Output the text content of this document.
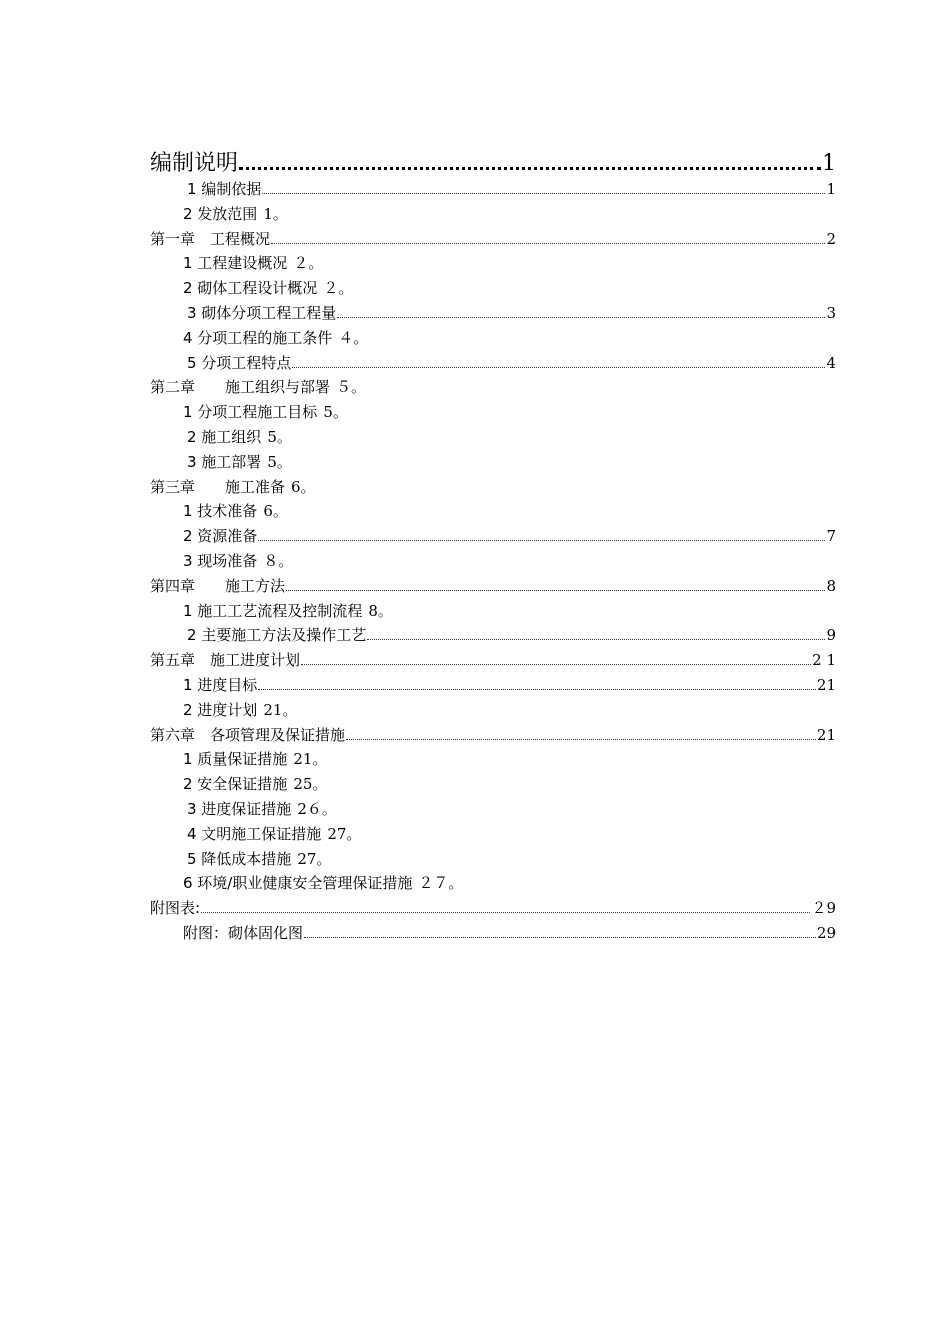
编制说明	1
1 编制依据	1
2 发放范围 1。
第一章　工程概况	2
1 工程建设概况 ２。
2 砌体工程设计概况 ２。
3 砌体分项工程工程量	3
4 分项工程的施工条件 ４。
5 分项工程特点	4
第二章　　施工组织与部署 ５。
1 分项工程施工目标 5。
2 施工组织 5。
3 施工部署 5。
第三章　　施工准备 6。
1 技术准备 6。
2 资源准备	7
3 现场准备 ８。
第四章　　施工方法	8
1 施工工艺流程及控制流程 8。
2 主要施工方法及操作工艺	9
第五章　施工进度计划	2 1
1 进度目标	21
2 进度计划 21。
第六章　各项管理及保证措施	21
1 质量保证措施 21。
2 安全保证措施 25。
3 进度保证措施 2６。
4 文明施工保证措施 27。
5 降低成本措施 27。
6 环境/职业健康安全管理保证措施 ２７。
附图表:	２9
附图：砌体固化图	29
